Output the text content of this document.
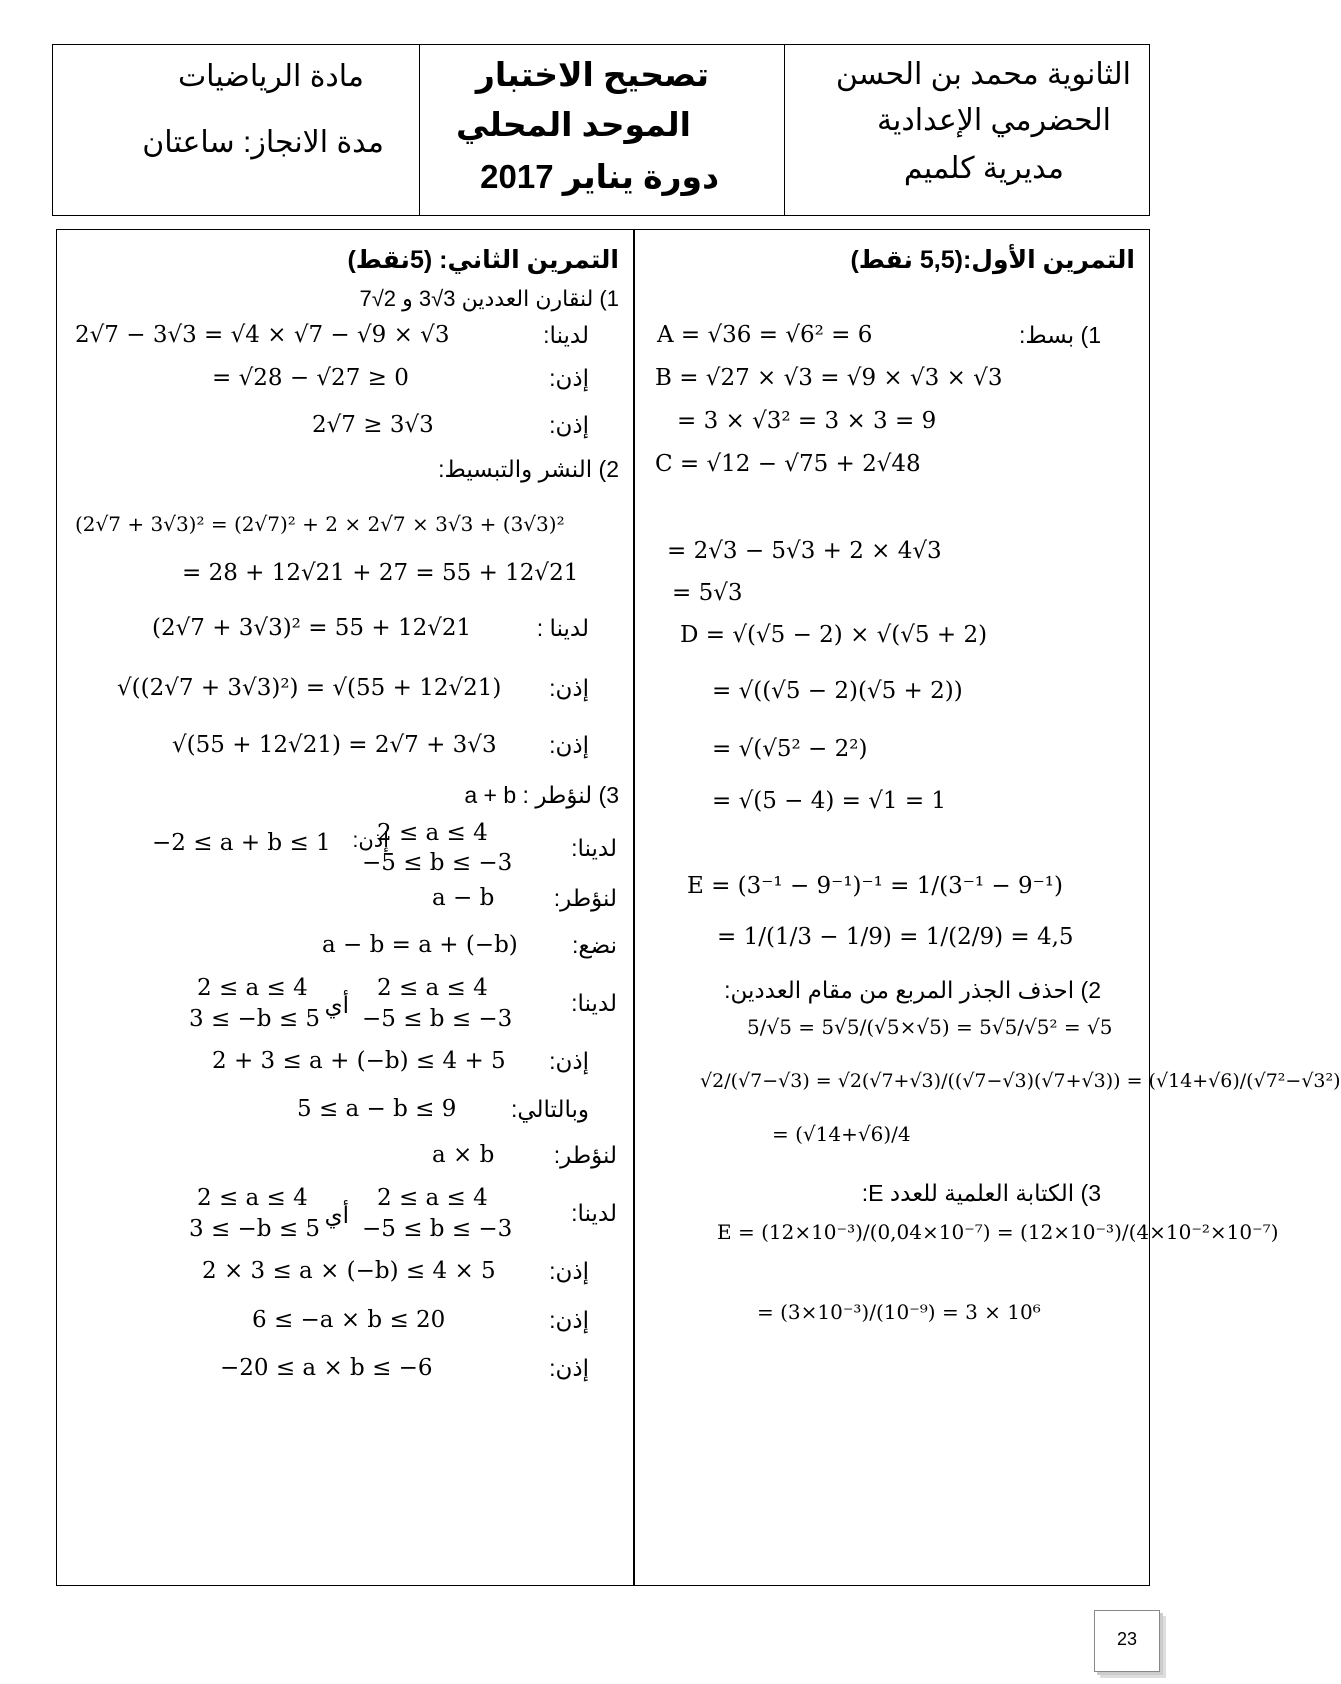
مادة الرياضيات
مدة الانجاز: ساعتان
تصحيح الاختبار
الموحد المحلي
دورة يناير 2017
الثانوية محمد بن الحسن
الحضرمي الإعدادية
مديرية كلميم
التمرين الأول:(5,5 نقط)
1) بسط:
A = √36 = √6² = 6
B = √27 × √3 = √9 × √3 × √3
= 3 × √3² = 3 × 3 = 9
C = √12 − √75 + 2√48
= 2√3 − 5√3 + 2 × 4√3
= 5√3
D = √(√5 − 2) × √(√5 + 2)
= √((√5 − 2)(√5 + 2))
= √(√5² − 2²)
= √(5 − 4) = √1 = 1
E = (3⁻¹ − 9⁻¹)⁻¹ = 1/(3⁻¹ − 9⁻¹)
= 1/(1/3 − 1/9) = 1/(2/9) = 4,5
2) احذف الجذر المربع من مقام العددين:
5/√5 = 5√5/(√5×√5) = 5√5/√5² = √5
√2/(√7−√3) = √2(√7+√3)/((√7−√3)(√7+√3)) = (√14+√6)/(√7²−√3²)
= (√14+√6)/4
3) الكتابة العلمية للعدد E:
E = (12×10⁻³)/(0,04×10⁻⁷) = (12×10⁻³)/(4×10⁻²×10⁻⁷)
= (3×10⁻³)/(10⁻⁹) = 3 × 10⁶
التمرين الثاني: (5نقط)
1) لنقارن العددين 3√3 و 2√7
لدينا:
2√7 − 3√3 = √4 × √7 − √9 × √3
إذن:
= √28 − √27 ≥ 0
إذن:
2√7 ≥ 3√3
2) النشر والتبسيط:
(2√7 + 3√3)² = (2√7)² + 2 × 2√7 × 3√3 + (3√3)²
= 28 + 12√21 + 27 = 55 + 12√21
لدينا :
(2√7 + 3√3)² = 55 + 12√21
إذن:
√((2√7 + 3√3)²) = √(55 + 12√21)
إذن:
√(55 + 12√21) = 2√7 + 3√3
3) لنؤطر : a + b
لدينا:
2 ≤ a ≤ 4
−5 ≤ b ≤ −3
إذن:
−2 ≤ a + b ≤ 1
لنؤطر:
a − b
نضع:
a − b = a + (−b)
لدينا:
2 ≤ a ≤ 4
−5 ≤ b ≤ −3
أي
2 ≤ a ≤ 4
3 ≤ −b ≤ 5
إذن:
2 + 3 ≤ a + (−b) ≤ 4 + 5
وبالتالي:
5 ≤ a − b ≤ 9
لنؤطر:
a × b
لدينا:
2 ≤ a ≤ 4
−5 ≤ b ≤ −3
أي
2 ≤ a ≤ 4
3 ≤ −b ≤ 5
إذن:
2 × 3 ≤ a × (−b) ≤ 4 × 5
إذن:
6 ≤ −a × b ≤ 20
إذن:
−20 ≤ a × b ≤ −6
23
